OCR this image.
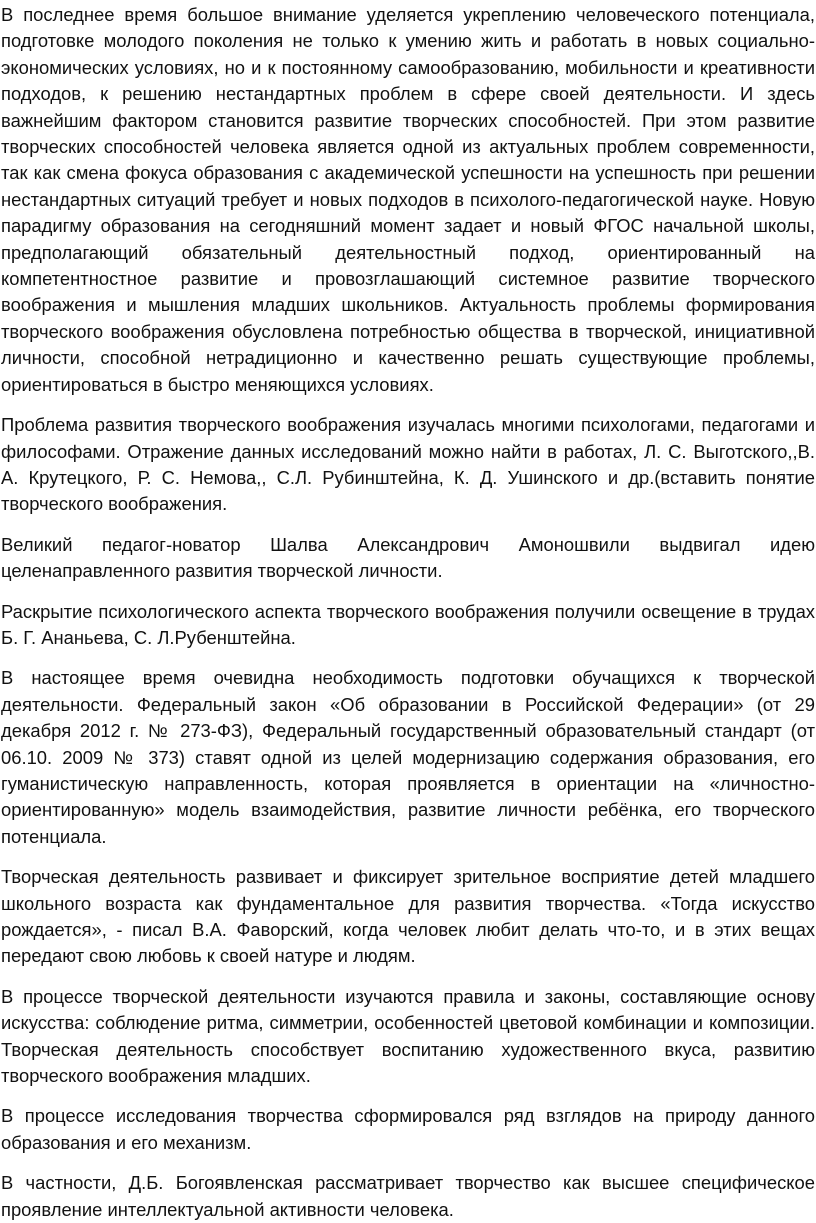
В последнее время большое внимание уделяется укреплению человеческого потенциала, подготовке молодого поколения не только к умению жить и работать в новых социально-экономических условиях, но и к постоянному самообразованию, мобильности и креативности подходов, к решению нестандартных проблем в сфере своей деятельности. И здесь важнейшим фактором становится развитие творческих способностей. При этом развитие творческих способностей человека является одной из актуальных проблем современности, так как смена фокуса образования с академической успешности на успешность при решении нестандартных ситуаций требует и новых подходов в психолого-педагогической науке. Новую парадигму образования на сегодняшний момент задает и новый ФГОС начальной школы, предполагающий обязательный деятельностный подход, ориентированный на компетентностное развитие и провозглашающий системное развитие творческого воображения и мышления младших школьников. Актуальность проблемы формирования творческого воображения обусловлена потребностью общества в творческой, инициативной личности, способной нетрадиционно и качественно решать существующие проблемы, ориентироваться в быстро меняющихся условиях.

Проблема развития творческого воображения изучалась многими психологами, педагогами и философами. Отражение данных исследований можно найти в работах, Л. С. Выготского,,В. А. Крутецкого, Р. С. Немова,, С.Л. Рубинштейна, К. Д. Ушинского и др.(вставить понятие творческого воображения.

Великий педагог-новатор Шалва Александрович Амоношвили выдвигал идею целенаправленного развития творческой личности.

Раскрытие психологического аспекта творческого воображения получили освещение в трудах Б. Г. Ананьева, С. Л.Рубенштейна.

В настоящее время очевидна необходимость подготовки обучащихся к творческой деятельности. Федеральный закон «Об образовании в Российской Федерации» (от 29 декабря 2012 г. № 273-ФЗ), Федеральный государственный образовательный стандарт (от 06.10. 2009 № 373) ставят одной из целей модернизацию содержания образования, его гуманистическую направленность, которая проявляется в ориентации на «личностно-ориентированную» модель взаимодействия, развитие личности ребёнка, его творческого потенциала.

Творческая деятельность развивает и фиксирует зрительное восприятие детей младшего школьного возраста как фундаментальное для развития творчества. «Тогда искусство рождается», - писал В.А. Фаворский, когда человек любит делать что-то, и в этих вещах передают свою любовь к своей натуре и людям.

В процессе творческой деятельности изучаются правила и законы, составляющие основу искусства: соблюдение ритма, симметрии, особенностей цветовой комбинации и композиции. Творческая деятельность способствует воспитанию художественного вкуса, развитию творческого воображения младших.

В процессе исследования творчества сформировался ряд взглядов на природу данного образования и его механизм.

В частности, Д.Б. Богоявленская рассматривает творчество как высшее специфическое проявление интеллектуальной активности человека.
